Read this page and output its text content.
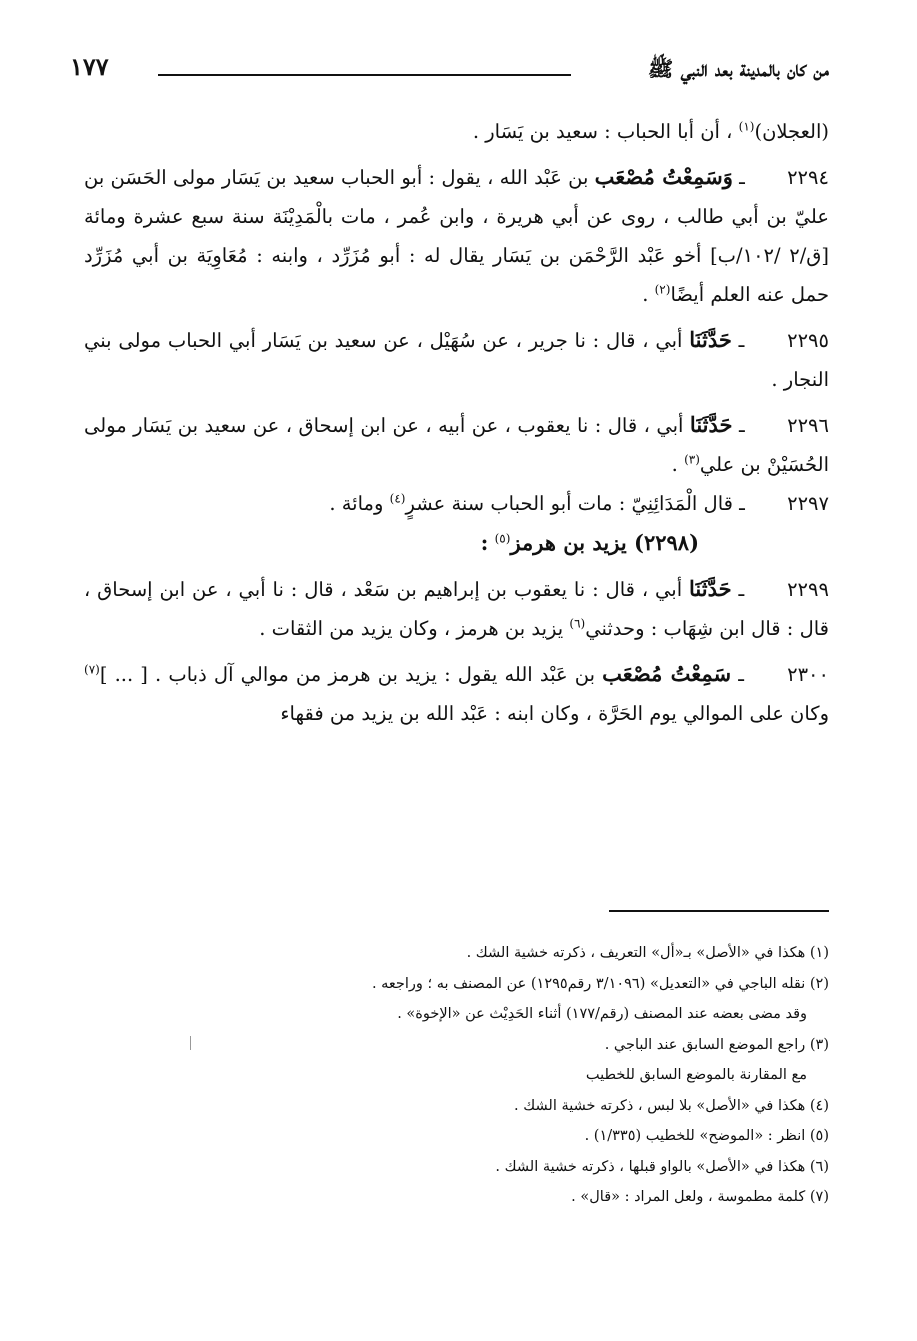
من كان بالمدينة بعد النبي ﷺ
١٧٧

(العجلان)$^{(١)}$ ، أن أبا الحباب : سعيد بن يَسَار .

٢٢٩٤ ـ وَسَمِعْتُ مُصْعَب بن عَبْد الله ، يقول : أبو الحباب سعيد بن يَسَار مولى الحَسَن بن عليّ بن أبي طالب ، روى عن أبي هريرة ، وابن عُمر ، مات بالْمَدِيْنَة سنة سبع عشرة ومائة [ق/٢ /١٠٢/ب] أخو عَبْد الرَّحْمَن بن يَسَار يقال له : أبو مُزَرِّد ، وابنه : مُعَاوِيَة بن أبي مُزَرِّد حمل عنه العلم أيضًا$^{(٢)}$ .

٢٢٩٥ ـ حَدَّثَنَا أبي ، قال : نا جرير ، عن سُهَيْل ، عن سعيد بن يَسَار أبي الحباب مولى بني النجار .

٢٢٩٦ ـ حَدَّثَنَا أبي ، قال : نا يعقوب ، عن أبيه ، عن ابن إسحاق ، عن سعيد بن يَسَار مولى الحُسَيْنْ بن علي$^{(٣)}$ .

٢٢٩٧ ـ قال الْمَدَائِنِيّ : مات أبو الحباب سنة عشرٍ$^{(٤)}$ ومائة .

(٢٢٩٨) يزيد بن هرمز$^{(٥)}$ :

٢٢٩٩ ـ حَدَّثَنَا أبي ، قال : نا يعقوب بن إبراهيم بن سَعْد ، قال : نا أبي ، عن ابن إسحاق ، قال : قال ابن شِهَاب : وحدثني$^{(٦)}$ يزيد بن هرمز ، وكان يزيد من الثقات .

٢٣٠٠ ـ سَمِعْتُ مُصْعَب بن عَبْد الله يقول : يزيد بن هرمز من موالي آل ذباب . [ ... ]$^{(٧)}$ وكان على الموالي يوم الحَرَّة ، وكان ابنه : عَبْد الله بن يزيد من فقهاء

(١) هكذا في «الأصل» بـ«أل» التعريف ، ذكرته خشية الشك .

(٢) نقله الباجي في «التعديل» (٣/١٠٩٦ رقم١٢٩٥) عن المصنف به ؛ وراجعه .

وقد مضى بعضه عند المصنف (رقم/١٧٧) أثناء الحَدِيْث عن «الإخوة» .

(٣) راجع الموضع السابق عند الباجي .

مع المقارنة بالموضع السابق للخطيب

(٤) هكذا في «الأصل» بلا لبس ، ذكرته خشية الشك .

(٥) انظر : «الموضح» للخطيب (١/٣٣٥) .

(٦) هكذا في «الأصل» بالواو قبلها ، ذكرته خشية الشك .

(٧) كلمة مطموسة ، ولعل المراد : «قال» .
